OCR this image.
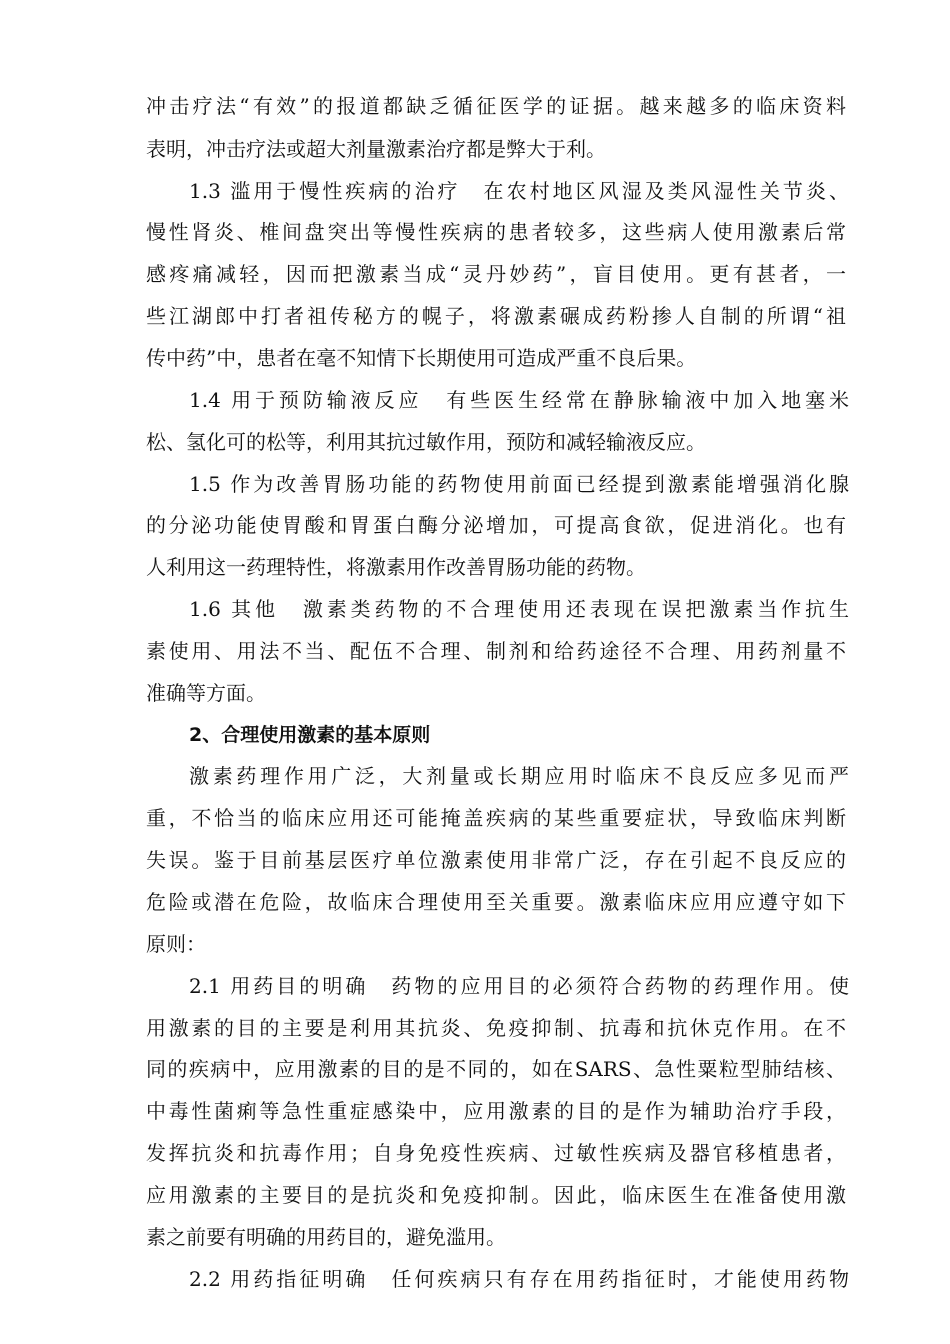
冲击疗法“有效”的报道都缺乏循征医学的证据。越来越多的临床资料
表明，冲击疗法或超大剂量激素治疗都是弊大于利。
1.3 滥用于慢性疾病的治疗　在农村地区风湿及类风湿性关节炎、
慢性肾炎、椎间盘突出等慢性疾病的患者较多，这些病人使用激素后常
感疼痛减轻，因而把激素当成“灵丹妙药”，盲目使用。更有甚者，一
些江湖郎中打者祖传秘方的幌子，将激素碾成药粉掺人自制的所谓“祖
传中药”中，患者在毫不知情下长期使用可造成严重不良后果。
1.4 用于预防输液反应　有些医生经常在静脉输液中加入地塞米
松、氢化可的松等，利用其抗过敏作用，预防和减轻输液反应。
1.5 作为改善胃肠功能的药物使用前面已经提到激素能增强消化腺
的分泌功能使胃酸和胃蛋白酶分泌增加，可提高食欲，促进消化。也有
人利用这一药理特性，将激素用作改善胃肠功能的药物。
1.6 其他　激素类药物的不合理使用还表现在误把激素当作抗生
素使用、用法不当、配伍不合理、制剂和给药途径不合理、用药剂量不
准确等方面。
2、合理使用激素的基本原则
激素药理作用广泛，大剂量或长期应用时临床不良反应多见而严
重，不恰当的临床应用还可能掩盖疾病的某些重要症状，导致临床判断
失误。鉴于目前基层医疗单位激素使用非常广泛，存在引起不良反应的
危险或潜在危险，故临床合理使用至关重要。激素临床应用应遵守如下
原则：
2.1 用药目的明确　药物的应用目的必须符合药物的药理作用。使
用激素的目的主要是利用其抗炎、免疫抑制、抗毒和抗休克作用。在不
同的疾病中，应用激素的目的是不同的，如在SARS、急性粟粒型肺结核、
中毒性菌痢等急性重症感染中，应用激素的目的是作为辅助治疗手段，
发挥抗炎和抗毒作用；自身免疫性疾病、过敏性疾病及器官移植患者，
应用激素的主要目的是抗炎和免疫抑制。因此，临床医生在准备使用激
素之前要有明确的用药目的，避免滥用。
2.2 用药指征明确　任何疾病只有存在用药指征时，才能使用药物
